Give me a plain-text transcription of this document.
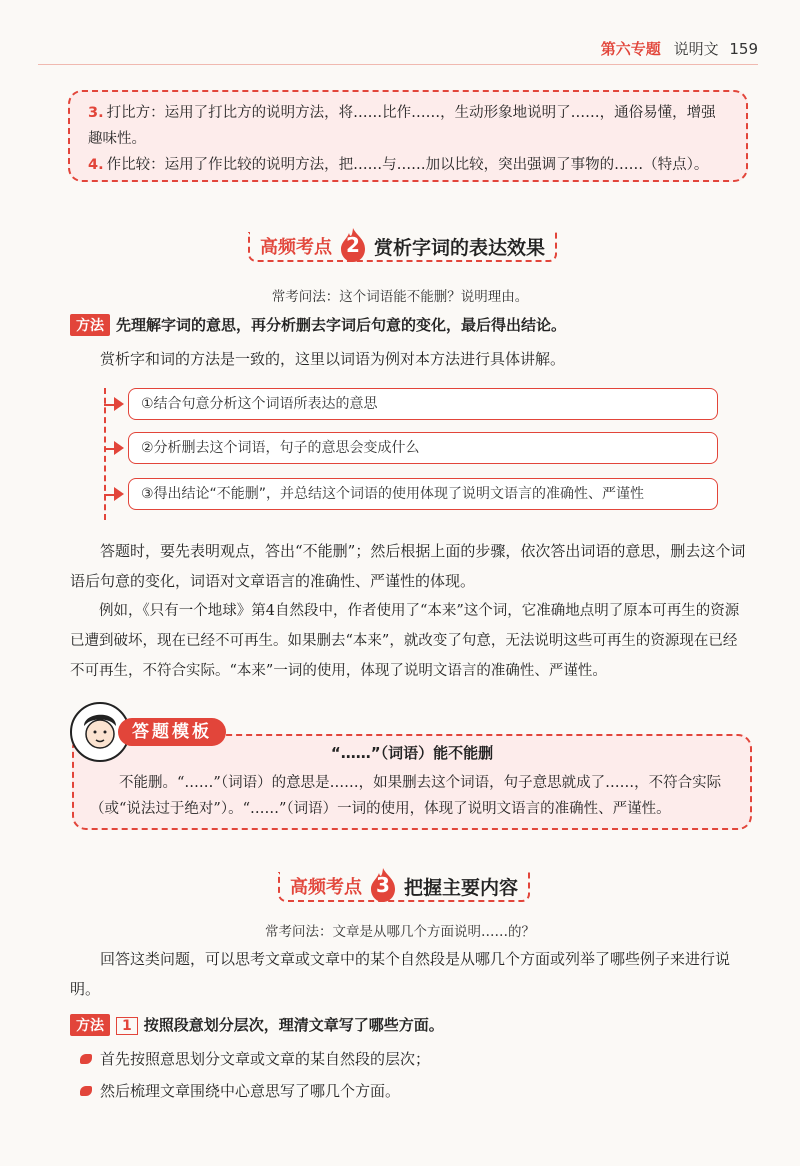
第六专题 说明文 159
3. 打比方：运用了打比方的说明方法，将……比作……，生动形象地说明了……，通俗易懂，增强趣味性。
4. 作比较：运用了作比较的说明方法，把……与……加以比较，突出强调了事物的……（特点）。
高频考点 2 赏析字词的表达效果
常考问法：这个词语能不能删？说明理由。
方法 先理解字词的意思，再分析删去字词后句意的变化，最后得出结论。
赏析字和词的方法是一致的，这里以词语为例对本方法进行具体讲解。
①结合句意分析这个词语所表达的意思
②分析删去这个词语，句子的意思会变成什么
③得出结论“不能删”，并总结这个词语的使用体现了说明文语言的准确性、严谨性
答题时，要先表明观点，答出“不能删”；然后根据上面的步骤，依次答出词语的意思，删去这个词语后句意的变化，词语对文章语言的准确性、严谨性的体现。
例如，《只有一个地球》第4自然段中，作者使用了“本来”这个词，它准确地点明了原本可再生的资源已遭到破坏，现在已经不可再生。如果删去“本来”，就改变了句意，无法说明这些可再生的资源现在已经不可再生，不符合实际。“本来”一词的使用，体现了说明文语言的准确性、严谨性。
“……”（词语）能不能删
不能删。“……”（词语）的意思是……，如果删去这个词语，句子意思就成了……，不符合实际（或“说法过于绝对”）。“……”（词语）一词的使用，体现了说明文语言的准确性、严谨性。
答题模板
高频考点 3 把握主要内容
常考问法：文章是从哪几个方面说明……的？
回答这类问题，可以思考文章或文章中的某个自然段是从哪几个方面或列举了哪些例子来进行说明。
方法 1 按照段意划分层次，理清文章写了哪些方面。
首先按照意思划分文章或文章的某自然段的层次；
然后梳理文章围绕中心意思写了哪几个方面。
